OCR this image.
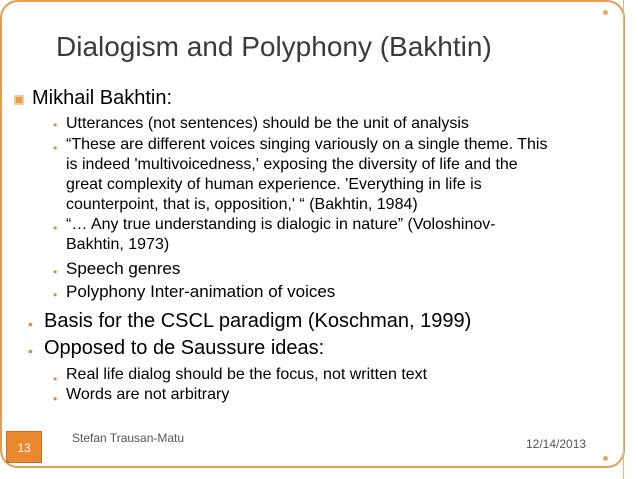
Dialogism and Polyphony (Bakhtin)
Mikhail Bakhtin:
• Utterances (not sentences) should be the unit of analysis
• “These are different voices singing variously on a single theme. This
is indeed 'multivoicedness,' exposing the diversity of life and the
great complexity of human experience. 'Everything in life is
counterpoint, that is, opposition,' “ (Bakhtin, 1984)
• “… Any true understanding is dialogic in nature” (Voloshinov-
Bakhtin, 1973)
• Speech genres
• Polyphony Inter-animation of voices
• Basis for the CSCL paradigm (Koschman, 1999)
• Opposed to de Saussure ideas:
• Real life dialog should be the focus, not written text
• Words are not arbitrary
13
Stefan Trausan-Matu	12/14/2013
